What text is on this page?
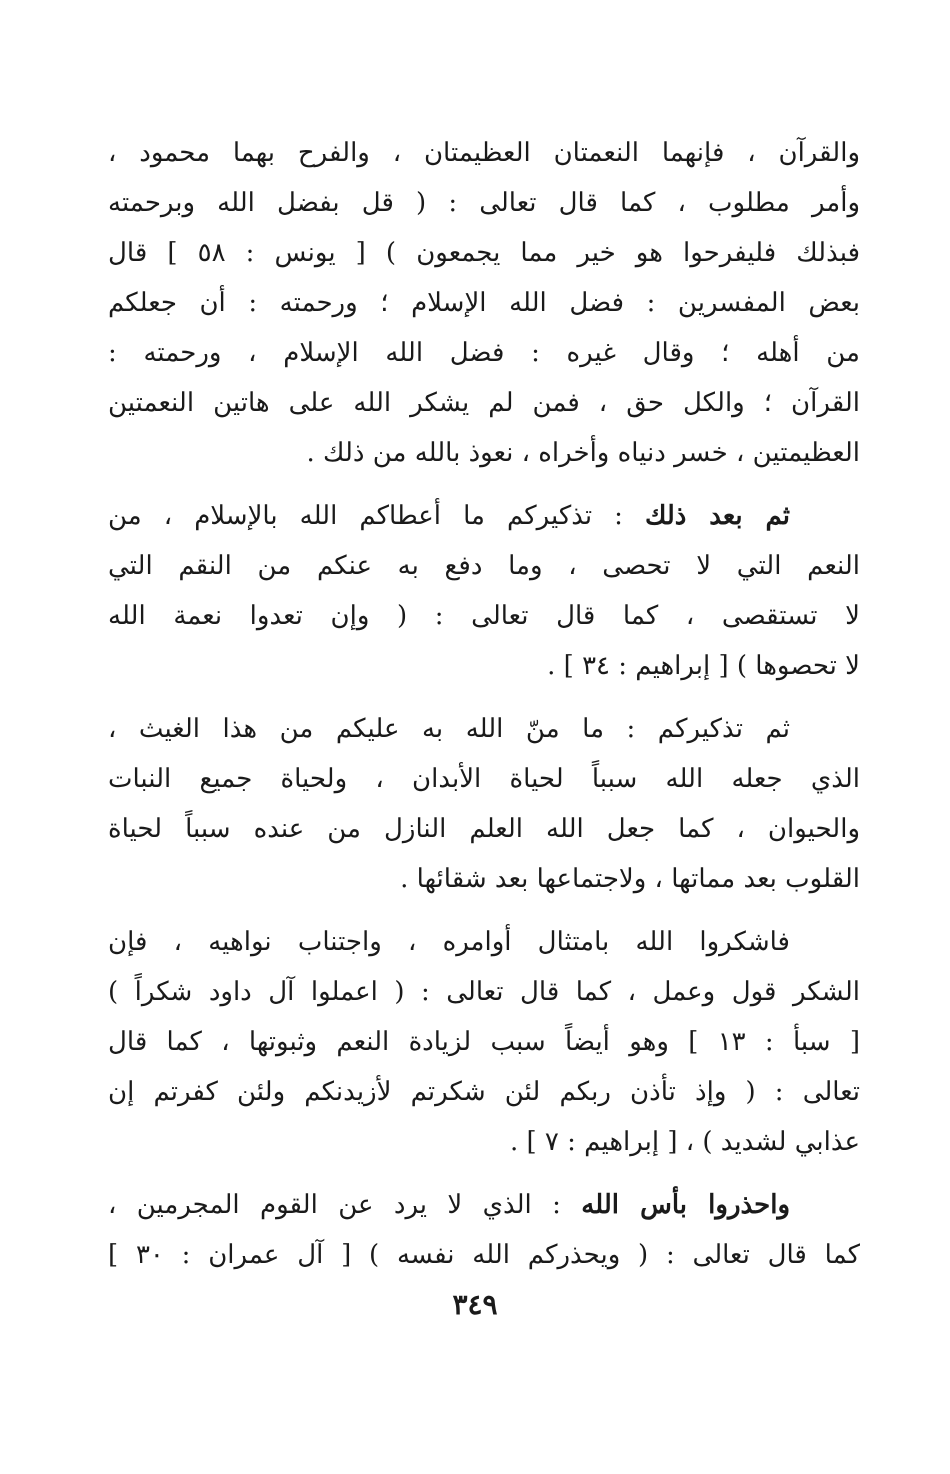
والقرآن ، فإنهما النعمتان العظيمتان ، والفرح بهما محمود ،
وأمر مطلوب ، كما قال تعالى : ( قل بفضل الله وبرحمته
فبذلك فليفرحوا هو خير مما يجمعون ) [ يونس : ٥٨ ] قال
بعض المفسرين : فضل الله الإسلام ؛ ورحمته : أن جعلكم
من أهله ؛ وقال غيره : فضل الله الإسلام ، ورحمته :
القرآن ؛ والكل حق ، فمن لم يشكر الله على هاتين النعمتين
العظيمتين ، خسر دنياه وأخراه ، نعوذ بالله من ذلك .
ثم بعد ذلك : تذكيركم ما أعطاكم الله بالإسلام ، من
النعم التي لا تحصى ، وما دفع به عنكم من النقم التي
لا تستقصى ، كما قال تعالى : ( وإن تعدوا نعمة الله
لا تحصوها ) [ إبراهيم : ٣٤ ] .
ثم تذكيركم : ما منّ الله به عليكم من هذا الغيث ،
الذي جعله الله سبباً لحياة الأبدان ، ولحياة جميع النبات
والحيوان ، كما جعل الله العلم النازل من عنده سبباً لحياة
القلوب بعد مماتها ، ولاجتماعها بعد شقائها .
فاشكروا الله بامتثال أوامره ، واجتناب نواهيه ، فإن
الشكر قول وعمل ، كما قال تعالى : ( اعملوا آل داود شكراً )
[ سبأ : ١٣ ] وهو أيضاً سبب لزيادة النعم وثبوتها ، كما قال
تعالى : ( وإذ تأذن ربكم لئن شكرتم لأزيدنكم ولئن كفرتم إن
عذابي لشديد ) ، [ إبراهيم : ٧ ] .
واحذروا بأس الله : الذي لا يرد عن القوم المجرمين ،
كما قال تعالى : ( ويحذركم الله نفسه ) [ آل عمران : ٣٠ ]
٣٤٩
